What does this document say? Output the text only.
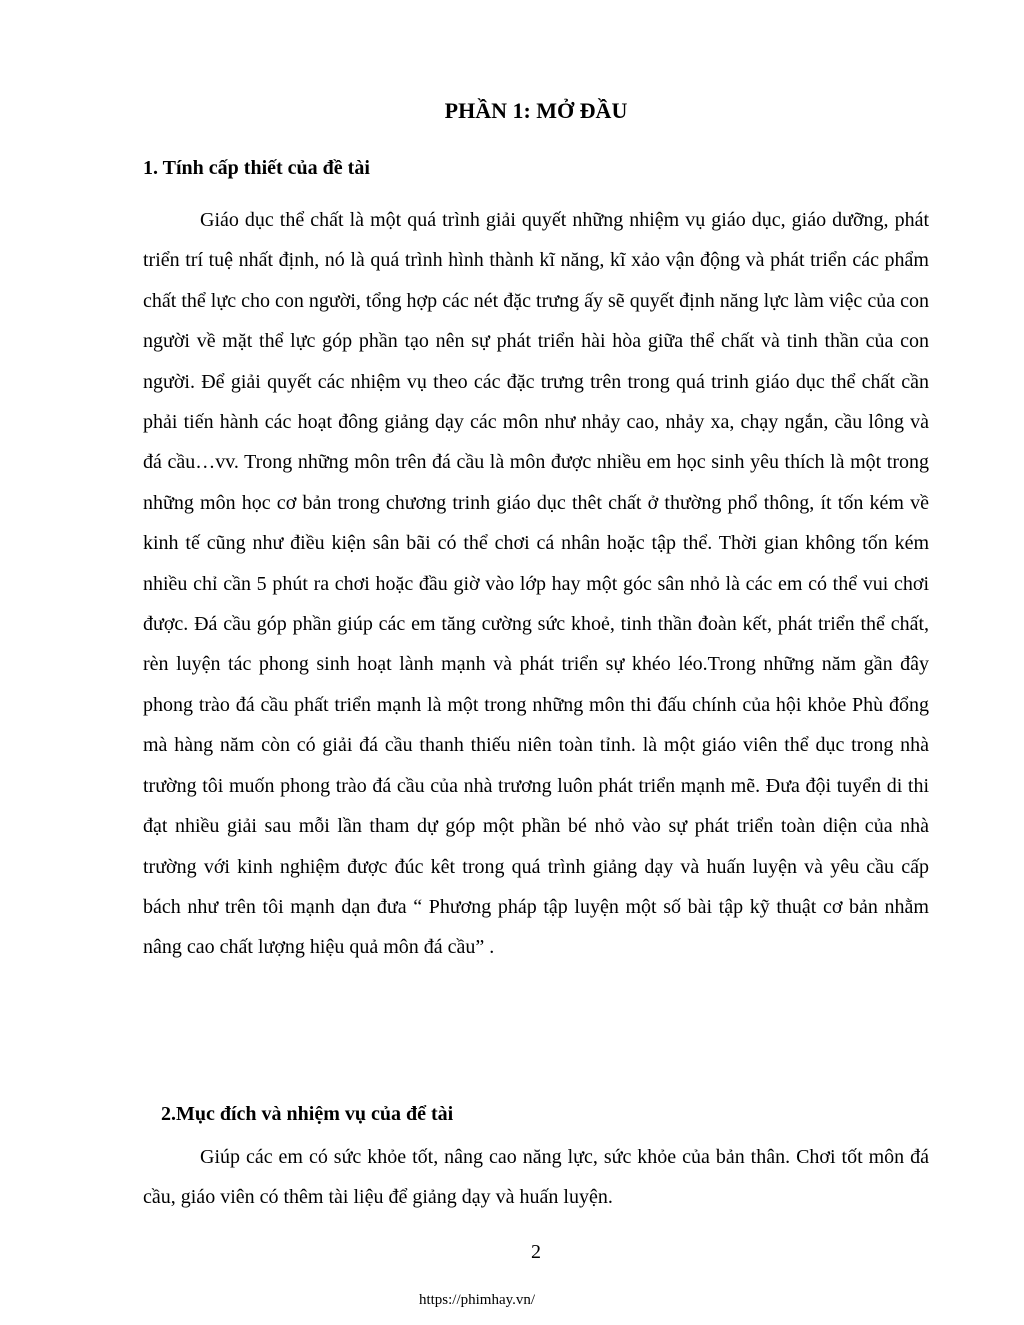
PHẦN 1: MỞ ĐẦU
1. Tính cấp thiết của đề tài

Giáo dục thể chất là một quá trình giải quyết những nhiệm vụ giáo dục, giáo dưỡng, phát triển trí tuệ nhất định, nó là quá trình hình thành kĩ năng, kĩ xảo vận động và phát triển các phẩm chất thể lực cho con người, tổng hợp các nét đặc trưng ấy sẽ quyết định năng lực làm việc của con người về mặt thể lực góp phần tạo nên sự phát triển hài hòa giữa thể chất và tinh thần của con người. Để giải quyết các nhiệm vụ theo các đặc trưng trên trong quá trinh giáo dục thể chất cần phải tiến hành các hoạt đông giảng dạy các môn như nhảy cao, nhảy xa, chạy ngắn, cầu lông và đá cầu…vv. Trong những môn trên đá cầu là môn được nhiều em học sinh yêu thích là một trong những môn học cơ bản trong chương trinh giáo dục thêt chất ở thường phổ thông, ít tốn kém về kinh tế cũng như điều kiện sân bãi có thể chơi cá nhân hoặc tập thể. Thời gian không tốn kém nhiều chỉ cần 5 phút ra chơi hoặc đầu giờ vào lớp hay một góc sân nhỏ là các em có thể vui chơi được. Đá cầu góp phần giúp các em tăng cường sức khoẻ, tinh thần đoàn kết, phát triển thể chất, rèn luyện tác phong sinh hoạt lành mạnh và phát triển sự khéo léo.Trong những năm gần đây phong trào đá cầu phất triển mạnh là một trong những môn thi đấu chính của hội khỏe Phù đổng mà hàng năm còn có giải đá cầu thanh thiếu niên toàn tỉnh. là một giáo viên thể dục trong nhà trường tôi muốn phong trào đá cầu của nhà trương luôn phát triển mạnh mẽ. Đưa đội tuyển di thi đạt nhiều giải sau mỗi lần tham dự góp một phần bé nhỏ vào sự phát triển toàn diện của nhà trường với kinh nghiệm được đúc kêt trong quá trình giảng dạy và huấn luyện và yêu cầu cấp bách như trên tôi mạnh dạn đưa “ Phương pháp tập luyện một số bài tập kỹ thuật cơ bản nhằm nâng cao chất lượng hiệu quả môn đá cầu” .

2.Mục đích và nhiệm vụ của để tài

Giúp các em có sức khỏe tốt, nâng cao năng lực, sức khỏe của bản thân. Chơi tốt môn đá cầu, giáo viên có thêm tài liệu để giảng dạy và huấn luyện.

2
https://phimhay.vn/
